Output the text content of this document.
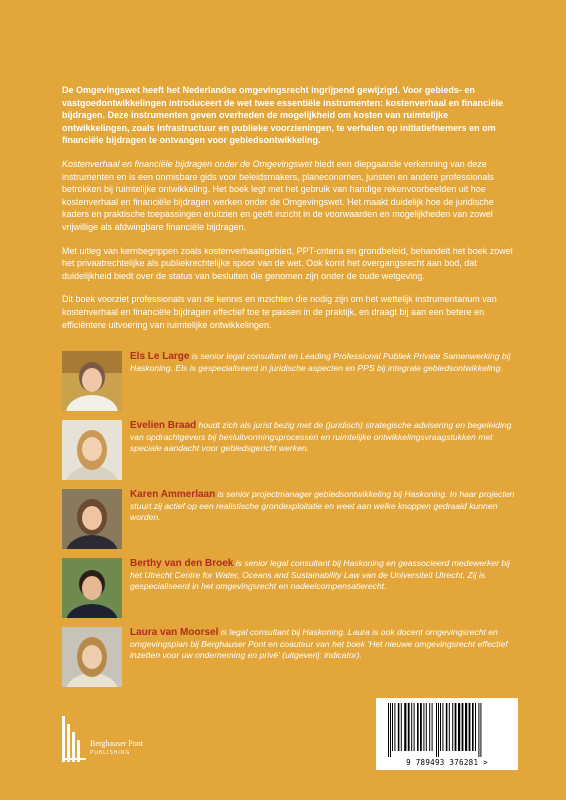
De Omgevingswet heeft het Nederlandse omgevingsrecht ingrijpend gewijzigd. Voor gebieds- en vastgoedontwikkelingen introduceert de wet twee essentiële instrumenten: kostenverhaal en financiële bijdragen. Deze instrumenten geven overheden de mogelijkheid om kosten van ruimtelijke ontwikkelingen, zoals infrastructuur en publieke voorzieningen, te verhalen op initiatiefnemers en om financiële bijdragen te ontvangen voor gebiedsontwikkeling.

Kostenverhaal en financiële bijdragen onder de Omgevingswet biedt een diepgaande verkenning van deze instrumenten en is een onmisbare gids voor beleidsmakers, planeconomen, juristen en andere professionals betrokken bij ruimtelijke ontwikkeling. Het boek legt met het gebruik van handige rekenvoorbeelden uit hoe kostenverhaal en financiële bijdragen werken onder de Omgevingswet. Het maakt duidelijk hoe de juridische kaders en praktische toepassingen eruitzien en geeft inzicht in de voorwaarden en mogelijkheden van zowel vrijwillige als afdwingbare financiële bijdragen.

Met uitleg van kernbegrippen zoals kostenverhaalsgebied, PPT-criteria en grondbeleid, behandelt het boek zowel het privaatrechtelijke als publiekrechtelijke spoor van de wet. Ook komt het overgangsrecht aan bod, dat duidelijkheid biedt over de status van besluiten die genomen zijn onder de oude wetgeving.

Dit boek voorziet professionals van de kennis en inzichten die nodig zijn om het wettelijk instrumentarium van kostenverhaal en financiële bijdragen effectief toe te passen in de praktijk, en draagt bij aan een betere en efficiëntere uitvoering van ruimtelijke ontwikkelingen.

Els Le Large is senior legal consultant en Leading Professional Publiek Private Samenwerking bij Haskoning. Els is gespecialiseerd in juridische aspecten en PPS bij integrale gebiedsontwikkeling.
Evelien Braad houdt zich als jurist bezig met de (juridisch) strategische advisering en begeleiding van opdrachtgevers bij besluitvormingsprocessen en ruimtelijke ontwikkelingsvraagstukken met speciale aandacht voor gebiedsgericht werken.
Karen Ammerlaan is senior projectmanager gebiedsontwikkeling bij Haskoning. In haar projecten stuurt zij actief op een realistische grondexploitatie en weet aan welke knoppen gedraaid kunnen worden.
Berthy van den Broek is senior legal consultant bij Haskoning en geassocieerd medewerker bij het Utrecht Centre for Water, Oceans and Sustainability Law van de Universiteit Utrecht. Zij is gespecialiseerd in het omgevingsrecht en nadeelcompensatierecht.
Laura van Moorsel is legal consultant bij Haskoning. Laura is ook docent omgevingsrecht en omgevingsplan bij Berghauser Pont en coauteur van het boek 'Het nieuwe omgevingsrecht effectief inzetten voor uw onderneming en privé' (uitgeverij: indicator).
Berghauser Pont
PUBLISHING
9 789493 376281 >
